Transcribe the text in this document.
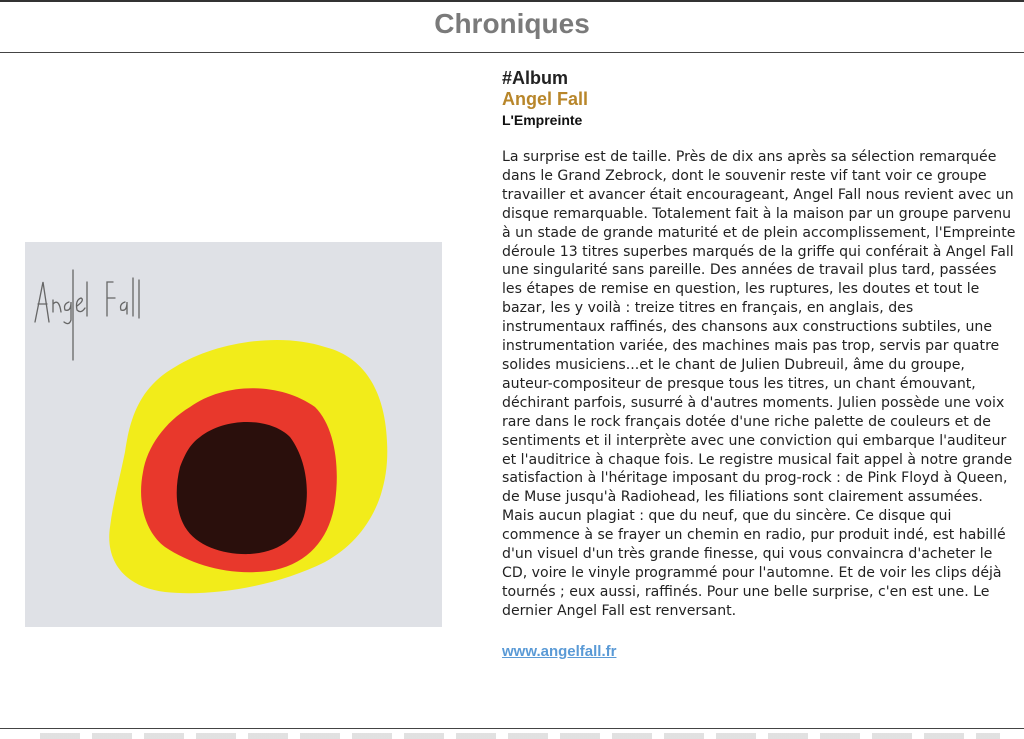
Chroniques

#Album

Angel Fall

L'Empreinte

La surprise est de taille. Près de dix ans après sa sélection remarquée dans le Grand Zebrock, dont le souvenir reste vif tant voir ce groupe travailler et avancer était encourageant, Angel Fall nous revient avec un disque remarquable. Totalement fait à la maison par un groupe parvenu à un stade de grande maturité et de plein accomplissement, l'Empreinte déroule 13 titres superbes marqués de la griffe qui conférait à Angel Fall une singularité sans pareille. Des années de travail plus tard, passées les étapes de remise en question, les ruptures, les doutes et tout le bazar, les y voilà : treize titres en français, en anglais, des instrumentaux raffinés, des chansons aux constructions subtiles, une instrumentation variée, des machines mais pas trop, servis par quatre solides musiciens...et le chant de Julien Dubreuil, âme du groupe, auteur-compositeur de presque tous les titres, un chant émouvant, déchirant parfois, susurré à d'autres moments. Julien possède une voix rare dans le rock français dotée d'une riche palette de couleurs et de sentiments et il interprète avec une conviction qui embarque l'auditeur et l'auditrice à chaque fois. Le registre musical fait appel à notre grande satisfaction à l'héritage imposant du prog-rock : de Pink Floyd à Queen, de Muse jusqu'à Radiohead, les filiations sont clairement assumées. Mais aucun plagiat : que du neuf, que du sincère. Ce disque qui commence à se frayer un chemin en radio, pur produit indé, est habillé d'un visuel d'un très grande finesse, qui vous convaincra d'acheter le CD, voire le vinyle programmé pour l'automne. Et de voir les clips déjà tournés ; eux aussi, raffinés. Pour une belle surprise, c'en est une. Le dernier Angel Fall est renversant.

www.angelfall.fr
